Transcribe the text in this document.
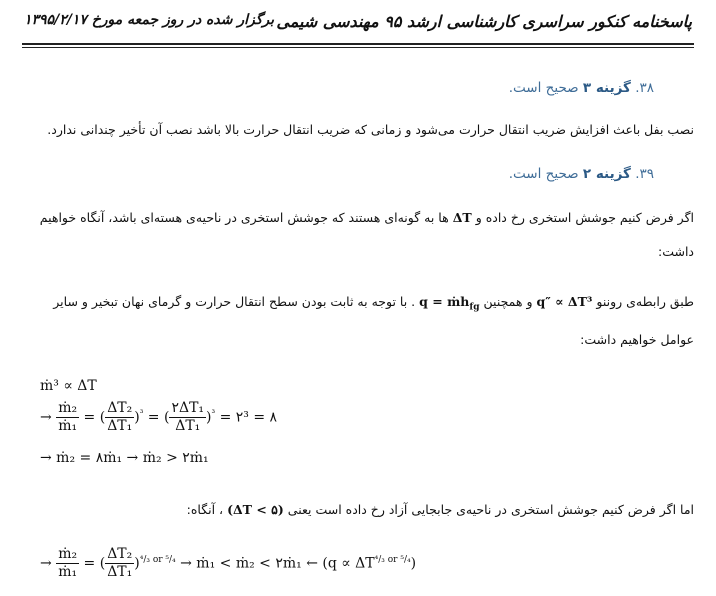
برگزار شده در روز جمعه مورخ ۱۳۹۵/۲/۱۷ پاسخنامه کنکور سراسری کارشناسی ارشد ۹۵ مهندسی شیمی
۳۸. گزینه ۳ صحیح است.
نصب بفل باعث افزایش ضریب انتقال حرارت می‌شود و زمانی که ضریب انتقال حرارت بالا باشد نصب آن تأخیر چندانی ندارد.
۳۹. گزینه ۲ صحیح است.
اگر فرض کنیم جوشش استخری رخ داده و ΔT ها به گونه‌ای هستند که جوشش استخری در ناحیه‌ی هسته‌ای باشد، آنگاه خواهیم
داشت:
طبق رابطه‌ی روننو q″ ∝ ΔT³ و همچنین q = ṁh$_{fg}$ . با توجه به ثابت بودن سطح انتقال حرارت و گرمای نهان تبخیر و سایر
عوامل خواهیم داشت:
ṁ³ ∝ ΔT
→ $\frac{\text{ṁ₂}}{\text{ṁ₁}}$ = ( $\frac{\text{ΔT₂}}{\text{ΔT₁}} )^{^3}$ = ( $\frac{\text{۲ΔT₁}}{\text{ΔT₁}} )^{^3}$ = ۲³ = ۸
→ ṁ₂ = ۸ṁ₁ → ṁ₂ > ۲ṁ₁
اما اگر فرض کنیم جوشش استخری در ناحیه‌ی جابجایی آزاد رخ داده است یعنی (ΔT < ۵) ، آنگاه:
→ $\frac{\text{ṁ₂}}{\text{ṁ₁}}$ = ( $\frac{\text{ΔT₂}}{\text{ΔT₁}} )^{^4/_3 or ^5/_4}$ → ṁ₁ < ṁ₂ < ۲ṁ₁ ← $(q \propto \Delta T^{^4/_3 or ^5/_4})$
